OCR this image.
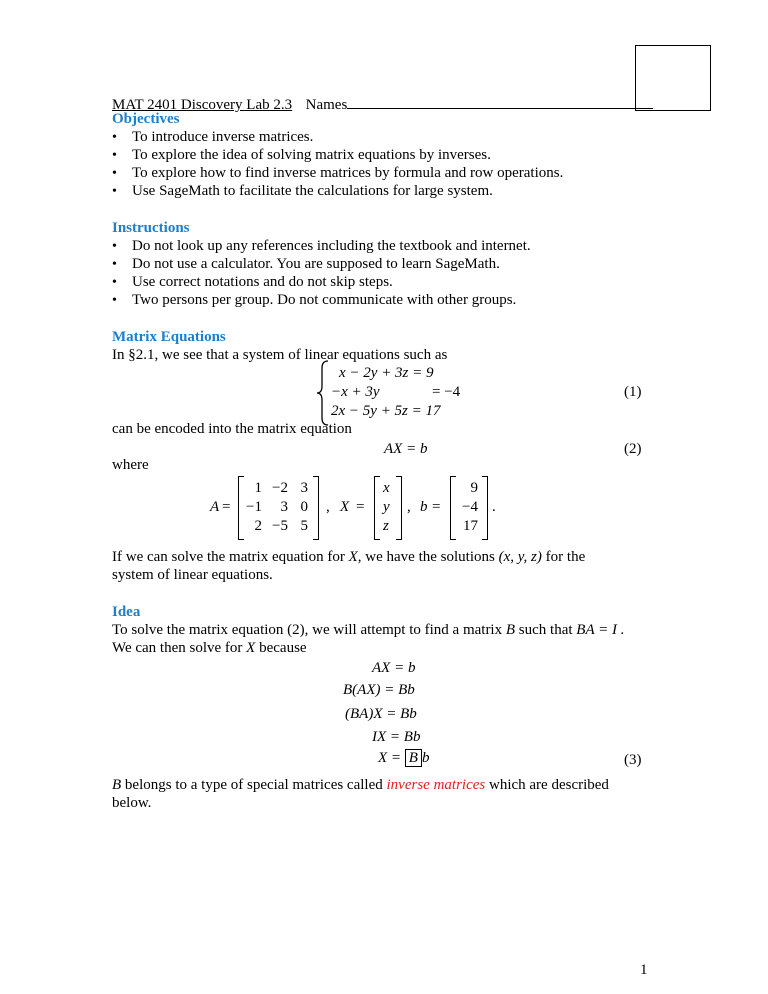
MAT 2401 Discovery Lab 2.3 Names
Objectives
•To introduce inverse matrices.
•To explore the idea of solving matrix equations by inverses.
•To explore how to find inverse matrices by formula and row operations.
•Use SageMath to facilitate the calculations for large system.
Instructions
•Do not look up any references including the textbook and internet.
•Do not use a calculator. You are supposed to learn SageMath.
•Use correct notations and do not skip steps.
•Two persons per group. Do not communicate with other groups.
Matrix Equations
In §2.1, we see that a system of linear equations such as
x − 2y + 3z = 9
−x + 3y	= −4
2x − 5y + 5z = 17
(1)
can be encoded into the matrix equation
AX = b	(2)
where
A =
1 −2 3
−1	3 0
2 −5 5
, X =
x
y
z
, b =
9
−4
17
.
If we can solve the matrix equation for X, we have the solutions (x, y, z) for the
system of linear equations.
Idea
To solve the matrix equation (2), we will attempt to find a matrix B such that BA = I .
We can then solve for X because
AX = b
B(AX) = Bb
(BA)X = Bb
IX = Bb
X = B b	(3)
B belongs to a type of special matrices called inverse matrices which are described
below.
1
